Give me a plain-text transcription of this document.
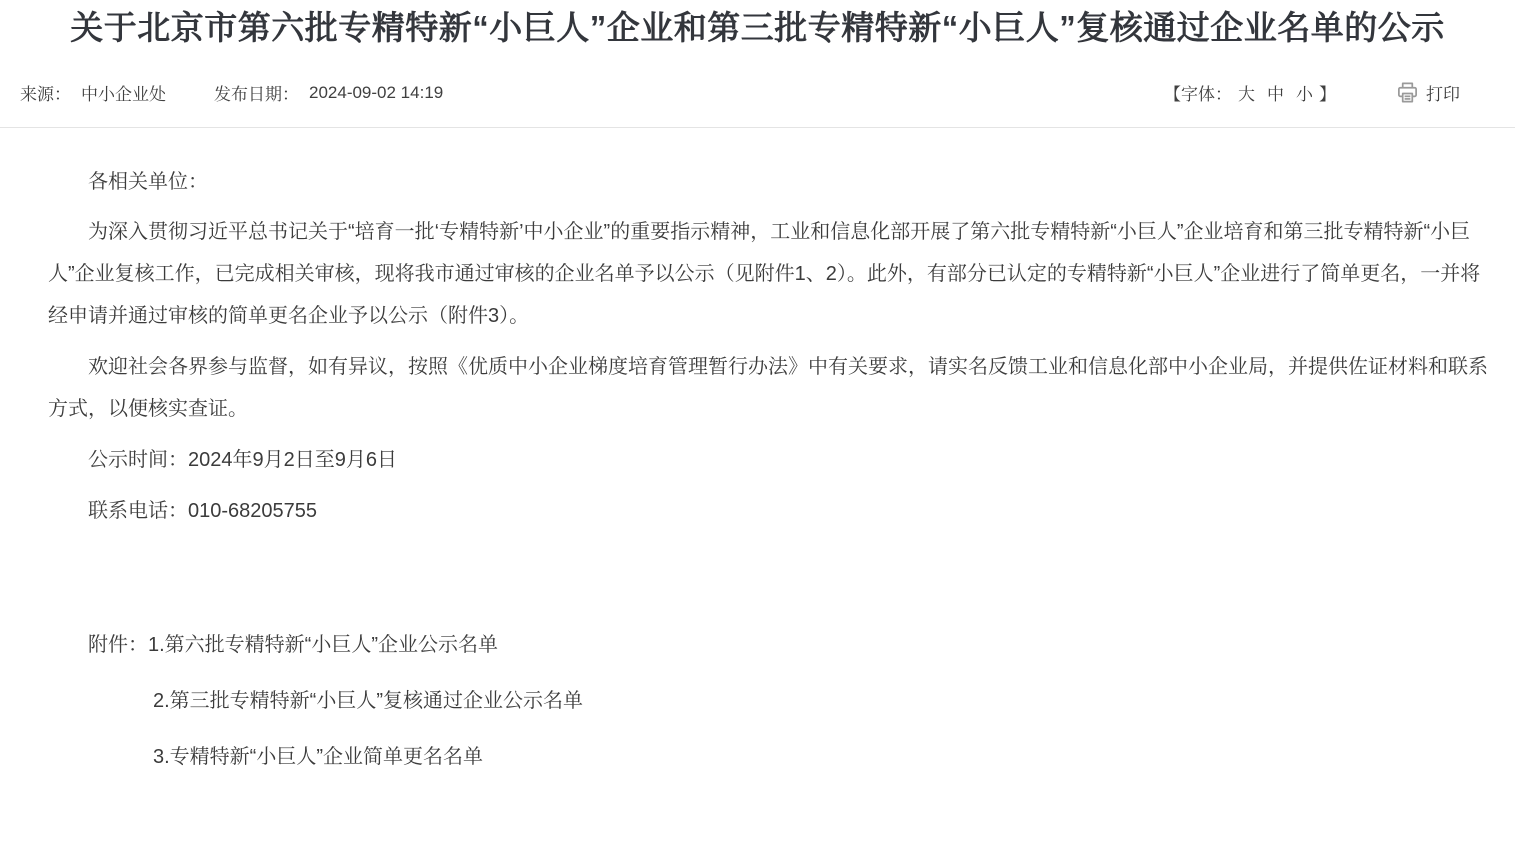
关于北京市第六批专精特新“小巨人”企业和第三批专精特新“小巨人”复核通过企业名单的公示
来源： 中小企业处	发布日期： 2024-09-02 14:19	【字体： 大 中 小 】	打印

各相关单位：

为深入贯彻习近平总书记关于“培育一批‘专精特新’中小企业”的重要指示精神，工业和信息化部开展了第六批专精特新“小巨人”企业培育和第三批专精特新“小巨人”企业复核工作，已完成相关审核，现将我市通过审核的企业名单予以公示（见附件1、2）。此外，有部分已认定的专精特新“小巨人”企业进行了简单更名，一并将经申请并通过审核的简单更名企业予以公示（附件3）。

欢迎社会各界参与监督，如有异议，按照《优质中小企业梯度培育管理暂行办法》中有关要求，请实名反馈工业和信息化部中小企业局，并提供佐证材料和联系方式，以便核实查证。

公示时间：2024年9月2日至9月6日

联系电话：010-68205755

附件：1.第六批专精特新“小巨人”企业公示名单

2.第三批专精特新“小巨人”复核通过企业公示名单

3.专精特新“小巨人”企业简单更名名单
